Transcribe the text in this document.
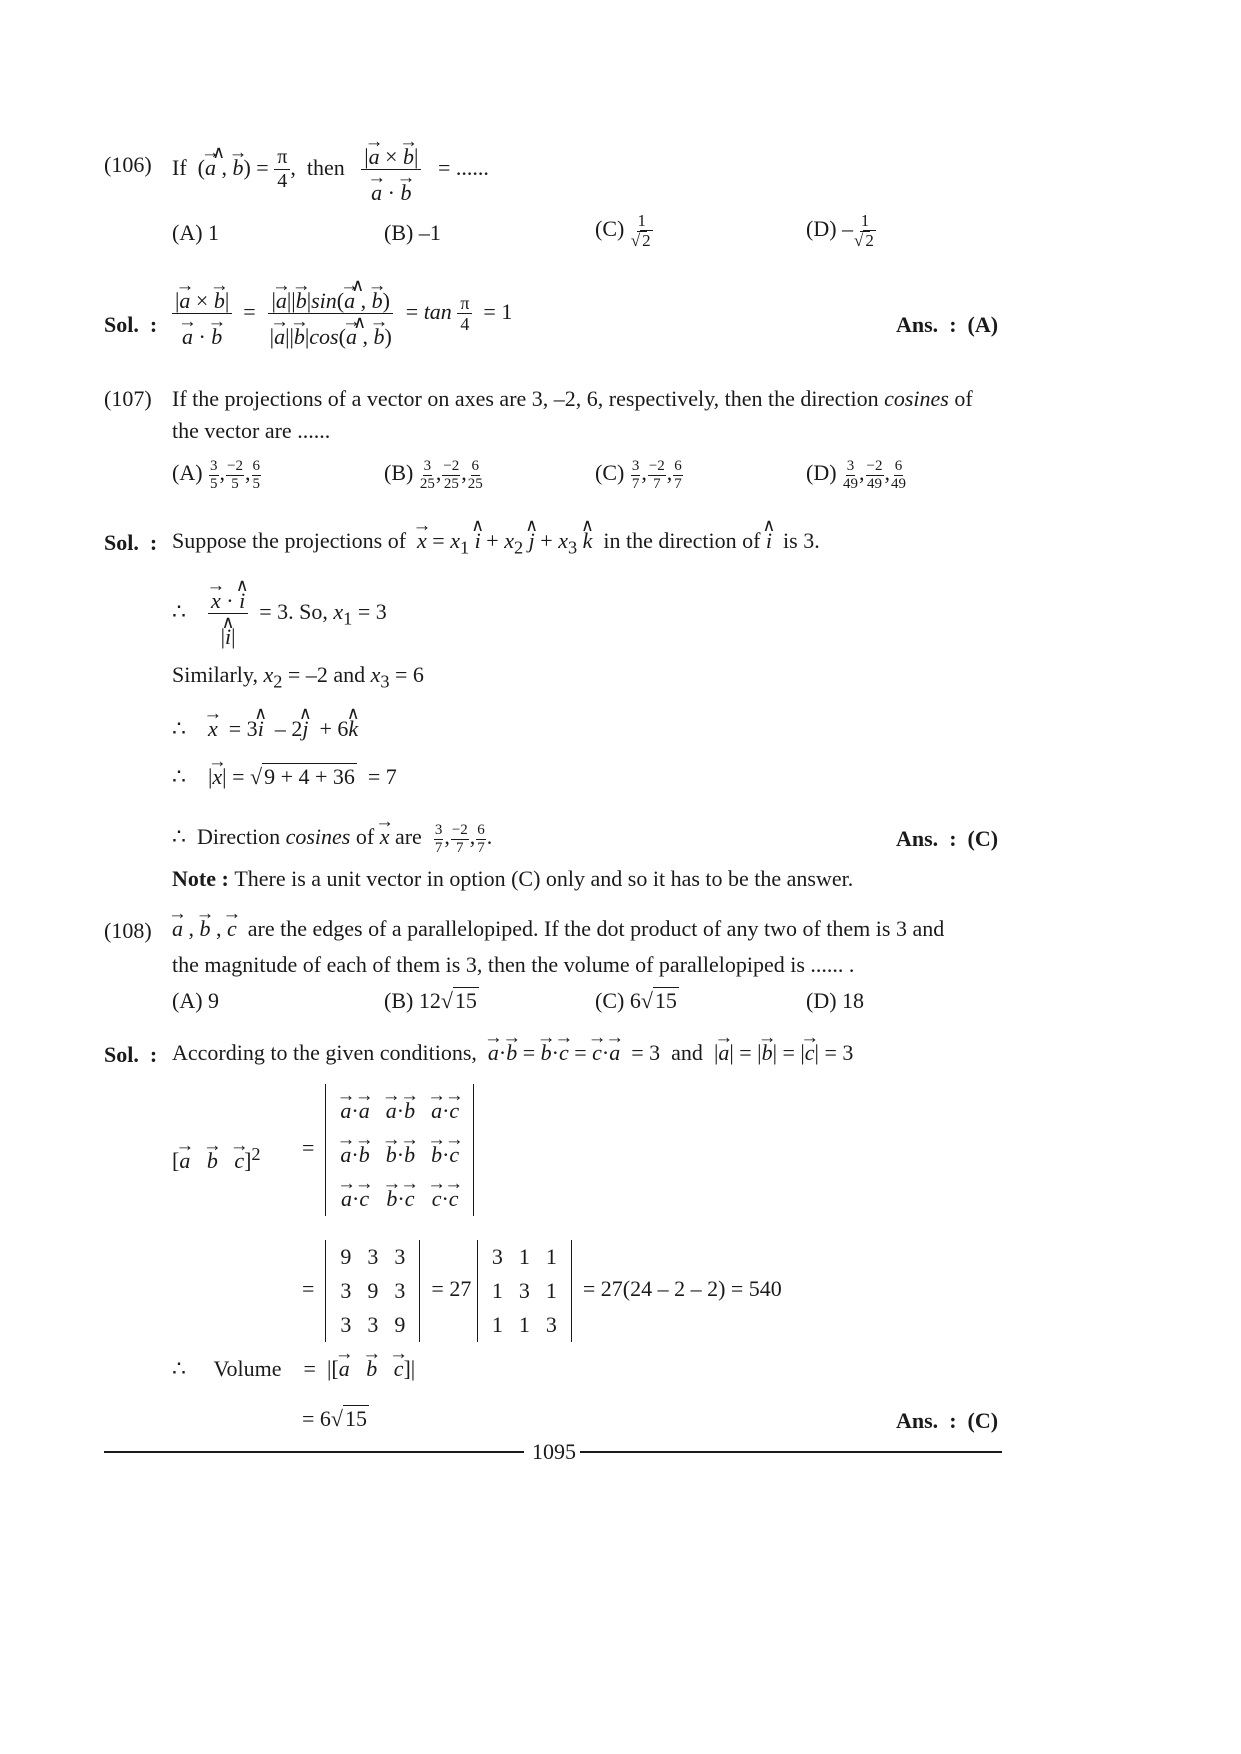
(106) If  (→ a ∧ , → $b) = \frac{\pi}{4}$ ,  then |→ a × → b|
→ a · → b = ......
(A) 1	(B) –1	$(C) \frac{1}{√ 2}$	$(D) - \frac{1}{√ 2}$
Sol.  : |→ a × → b|
→ a · → $b = \frac{|\to a||\to b|\sin(\to a \wedge , \to b)}{|\to a||\to b|\cos(\to a \wedge , \to b)} = \tan \frac{\pi}{4} = 1$
Ans.  :  (A)
(107) If the projections of a vector on axes are 3, –2, 6, respectively, then the direction cosines of
the vector are ......
$(A) \frac{3}{5}$ , $\frac{-2}{5}$ , $\frac{6}{5}$	$(B) \frac{3}{25}$ , $\frac{-2}{25}$ , $\frac{6}{25}$	$(C) \frac{3}{7}$ , $\frac{-2}{7}$ , $\frac{6}{7}$	$(D) \frac{3}{49}$ , $\frac{-2}{49}$ , $\frac{6}{49}$
Sol.  : Suppose the projections of → $x = x_1$ ∧ $i + x_2$ ∧ $j + x_3$ ∧ k in the direction of ∧ i is 3.
∴ → $\frac{x \cdot \wedge i}{|\wedge i|} = 3$. So, $x_1 = 3$
Similarly, $x_2 = -2$ and $x_3 = 6$
∴    → x = 3∧ i  – 2∧ j  + 6∧ k
∴    |→ x| = √9 + 4 + 36 = 7
∴  Direction cosines of → x are $\frac{3}{7}$ , $\frac{-2}{7}$ , $\frac{6}{7}$ .	Ans.  :  (C)
Note : There is a unit vector in option (C) only and so it has to be the answer.
(108) → a , → b , → c are the edges of a parallelopiped. If the dot product of any two of them is 3 and
the magnitude of each of them is 3, then the volume of parallelopiped is ...... .
(A) 9	(B) 12√15	(C) 6√15	(D) 18
Sol.  : According to the given conditions, → a·→ b = → b·→ c = → c·→ a  = 3  and  |→ a| = |→ b| = |→ c| = 3
[→ a → b → c]$^2$ =
→ a·→ a	→ a·→ b	→ a·→ c
→ a·→ b	→ b·→ b	→ b·→ c
→ a·→ c	→ b·→ c	→ c·→ c
=
9	3	3
3	9	3
3	3	9
= 27
3	1	1
1	3	1
1	1	3
= 27(24 – 2 – 2) = 540
∴     Volume    =  |[→ a → b → c]|
= 6√15	Ans.  :  (C)
1095
